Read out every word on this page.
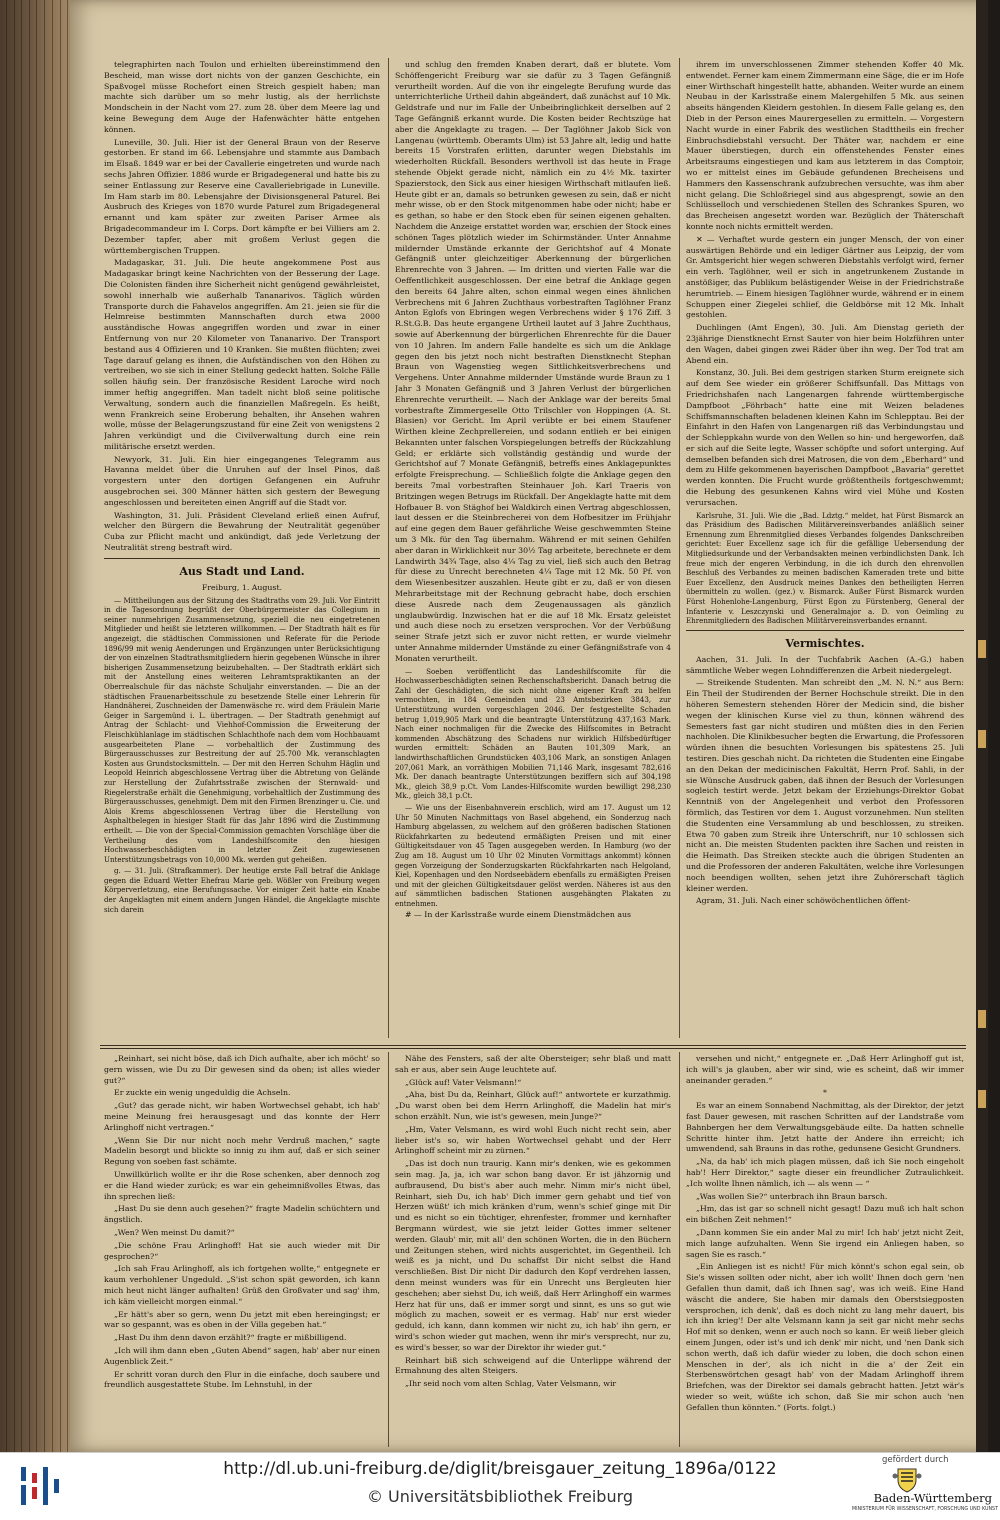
telegraphirten nach Toulon und erhielten übereinstimmend den Bescheid, man wisse dort nichts von der ganzen Geschichte, ein Spaßvogel müsse Rochefort einen Streich gespielt haben; man machte sich darüber um so mehr lustig, als der herrlichste Mondschein in der Nacht vom 27. zum 28. über dem Meere lag und keine Bewegung dem Auge der Hafenwächter hätte entgehen können.

Luneville, 30. Juli. Hier ist der General Braun von der Reserve gestorben. Er stand im 66. Lebensjahre und stammte aus Dambach im Elsaß. 1849 war er bei der Cavallerie eingetreten und wurde nach sechs Jahren Offizier. 1886 wurde er Brigadegeneral und hatte bis zu seiner Entlassung zur Reserve eine Cavalleriebrigade in Luneville. Im Ham starb im 80. Lebensjahre der Divisionsgeneral Paturel. Bei Ausbruch des Krieges von 1870 wurde Paturel zum Brigadegeneral ernannt und kam später zur zweiten Pariser Armee als Brigadecommandeur im I. Corps. Dort kämpfte er bei Villiers am 2. Dezember tapfer, aber mit großem Verlust gegen die württembergischen Truppen.

Madagaskar, 31. Juli. Die heute angekommene Post aus Madagaskar bringt keine Nachrichten von der Besserung der Lage. Die Colonisten fänden ihre Sicherheit nicht genügend gewährleistet, sowohl innerhalb wie außerhalb Tananarivos. Täglich würden Transporte durch die Fahavelos angegriffen. Am 21. jeien sie für die Helmreise bestimmten Mannschaften durch etwa 2000 ausständische Howas angegriffen worden und zwar in einer Entfernung von nur 20 Kilometer von Tananarivo. Der Transport bestand aus 4 Offizieren und 10 Kranken. Sie mußten flüchten; zwei Tage darauf gelang es ihnen, die Aufständischen von den Höhen zu vertreiben, wo sie sich in einer Stellung gedeckt hatten. Solche Fälle sollen häufig sein. Der französische Resident Laroche wird noch immer heftig angegriffen. Man tadelt nicht bloß seine politische Verwaltung, sondern auch die finanziellen Maßregeln. Es heißt, wenn Frankreich seine Eroberung behalten, ihr Ansehen wahren wolle, müsse der Belagerungszustand für eine Zeit von wenigstens 2 Jahren verkündigt und die Civilverwaltung durch eine rein militärische ersetzt werden.

Newyork, 31. Juli. Ein hier eingegangenes Telegramm aus Havanna meldet über die Unruhen auf der Insel Pinos, daß vorgestern unter den dortigen Gefangenen ein Aufruhr ausgebrochen sei. 300 Männer hätten sich gestern der Bewegung angeschlossen und bereiteten einen Angriff auf die Stadt vor.

Washington, 31. Juli. Präsident Cleveland erließ einen Aufruf, welcher den Bürgern die Bewahrung der Neutralität gegenüber Cuba zur Pflicht macht und ankündigt, daß jede Verletzung der Neutralität streng bestraft wird.

Aus Stadt und Land.
Freiburg, 1. August.

— Mittheilungen aus der Sitzung des Stadtraths vom 29. Juli. Vor Eintritt in die Tagesordnung begrüßt der Oberbürgermeister das Collegium in seiner nunmehrigen Zusammensetzung, speziell die neu eingetretenen Mitglieder und heißt sie letzteren willkommen. — Der Stadtrath hält es für angezeigt, die städtischen Commissionen und Referate für die Periode 1896/99 mit wenig Aenderungen und Ergänzungen unter Berücksichtigung der von einzelnen Stadtrathsmitgliedern hierin gegebenen Wünsche in ihrer bisherigen Zusammensetzung beizubehalten. — Der Stadtrath erklärt sich mit der Anstellung eines weiteren Lehramtspraktikanten an der Oberrealschule für das nächste Schuljahr einverstanden. — Die an der städtischen Frauenarbeitsschule zu besetzende Stelle einer Lehrerin für Handnäherei, Zuschneiden der Damenwäsche rc. wird dem Fräulein Marie Geiger in Sargemünd i. L. übertragen. — Der Stadtrath genehmigt auf Antrag der Schlacht- und Viehhof-Commission die Erweiterung der Fleischkühlanlage im städtischen Schlachthofe nach dem vom Hochbauamt ausgearbeiteten Plane — vorbehaltlich der Zustimmung des Bürgerausschusses zur Bestreitung der auf 25.700 Mk. veranschlagten Kosten aus Grundstocksmitteln. — Der mit den Herren Schuhm Häglin und Leopold Heinrich abgeschlossene Vertrag über die Abtretung von Gelände zur Herstellung der Zufahrtsstraße zwischen der Sternwald- und Riegelerstraße erhält die Genehmigung, vorbehaltlich der Zustimmung des Bürgerausschusses, genehmigt. Dem mit den Firmen Brenzinger u. Cie. und Alois Krems abgeschlossenen Vertrag über die Herstellung von Asphaltbelegen in hiesiger Stadt für das Jahr 1896 wird die Zustimmung ertheilt. — Die von der Special-Commission gemachten Vorschläge über die Vertheilung des vom Landeshilfscomite den hiesigen Hochwasserbeschädigten in letzter Zeit zugewiesenen Unterstützungsbetrags von 10,000 Mk. werden gut geheißen.

g. — 31. Juli. (Strafkammer). Der heutige erste Fall betraf die Anklage gegen die Eduard Wetter Ehefrau Marie geb. Wößler von Freiburg wegen Körperverletzung, eine Berufungssache. Vor einiger Zeit hatte ein Knabe der Angeklagten mit einem andern Jungen Händel, die Angeklagte mischte sich darein

und schlug den fremden Knaben derart, daß er blutete. Vom Schöffengericht Freiburg war sie dafür zu 3 Tagen Gefängniß verurtheilt worden. Auf die von ihr eingelegte Berufung wurde das unterrichterliche Urtheil dahin abgeändert, daß zunächst auf 10 Mk. Geldstrafe und nur im Falle der Unbeibringlichkeit derselben auf 2 Tage Gefängniß erkannt wurde. Die Kosten beider Rechtszüge hat aber die Angeklagte zu tragen. — Der Taglöhner Jakob Sick von Langenau (württemb. Oberamts Ulm) ist 53 Jahre alt, ledig und hatte bereits 15 Vorstrafen erlitten, darunter wegen Diebstahls im wiederholten Rückfall. Besonders werthvoll ist das heute in Frage stehende Objekt gerade nicht, nämlich ein zu 4½ Mk. taxirter Spazierstock, den Sick aus einer hiesigen Wirthschaft mitlaufen ließ. Heute gibt er an, damals so betrunken gewesen zu sein, daß er nicht mehr wisse, ob er den Stock mitgenommen habe oder nicht; habe er es gethan, so habe er den Stock eben für seinen eigenen gehalten. Nachdem die Anzeige erstattet worden war, erschien der Stock eines schönen Tages plötzlich wieder im Schirmständer. Unter Annahme mildernder Umstände erkannte der Gerichtshof auf 4 Monate Gefängniß unter gleichzeitiger Aberkennung der bürgerlichen Ehrenrechte von 3 Jahren. — Im dritten und vierten Falle war die Oeffentlichkeit ausgeschlossen. Der eine betraf die Anklage gegen den bereits 64 Jahre alten, schon einmal wegen eines ähnlichen Verbrechens mit 6 Jahren Zuchthaus vorbestraften Taglöhner Franz Anton Eglofs von Ebringen wegen Verbrechens wider § 176 Ziff. 3 R.St.G.B. Das heute ergangene Urtheil lautet auf 3 Jahre Zuchthaus, sowie auf Aberkennung der bürgerlichen Ehrenrechte für die Dauer von 10 Jahren. Im andern Falle handelte es sich um die Anklage gegen den bis jetzt noch nicht bestraften Dienstknecht Stephan Braun von Wagenstieg wegen Sittlichkeitsverbrechens und Vergehens. Unter Annahme mildernder Umstände wurde Braun zu 1 Jahr 3 Monaten Gefängniß und 3 Jahren Verlust der bürgerlichen Ehrenrechte verurtheilt. — Nach der Anklage war der bereits 5mal vorbestrafte Zimmergeselle Otto Trilschler von Hoppingen (A. St. Blasien) vor Gericht. Im April verübte er bei einem Staufener Wirthen kleine Zechprellereien, und sodann entlieh er bei einigen Bekannten unter falschen Vorspiegelungen betreffs der Rückzahlung Geld; er erklärte sich vollständig geständig und wurde der Gerichtshof auf 7 Monate Gefängniß, betreffs eines Anklagepunktes erfolgte Freisprechung. — Schließlich folgte die Anklage gegen den bereits 7mal vorbestraften Steinhauer Joh. Karl Traeris von Britzingen wegen Betrugs im Rückfall. Der Angeklagte hatte mit dem Hofbauer B. von Stäghof bei Waldkirch einen Vertrag abgeschlossen, laut dessen er die Steinbrecherei von dem Hofbesitzer im Frühjahr auf eine gegen dem Bauer gefährliche Weise geschwemmten Steine um 3 Mk. für den Tag übernahm. Während er mit seinen Gehilfen aber daran in Wirklichkeit nur 30½ Tag arbeitete, berechnete er dem Landwirth 34¾ Tage, also 4¼ Tag zu viel, ließ sich auch den Betrag für diese zu Unrecht berechneten 4¼ Tage mit 12 Mk. 50 Pf. von dem Wiesenbesitzer auszahlen. Heute gibt er zu, daß er von diesen Mehrarbeitstage mit der Rechnung gebracht habe, doch erschien diese Ausrede nach dem Zeugenaussagen als gänzlich unglaubwürdig. Inzwischen hat er die auf 18 Mk. Ersatz geleistet und auch diese noch zu ersetzen versprochen. Vor der Verbüßung seiner Strafe jetzt sich er zuvor nicht retten, er wurde vielmehr unter Annahme mildernder Umstände zu einer Gefängnißstrafe von 4 Monaten verurtheilt.

— Soeben veröffentlicht das Landeshilfscomite für die Hochwasserbeschädigten seinen Rechenschaftsbericht. Danach betrug die Zahl der Geschädigten, die sich nicht ohne eigener Kraft zu helfen vermochten, in 184 Gemeinden und 23 Amtsbezirken 3843, zur Unterstützung wurden vorgeschlagen 2046. Der festgestellte Schaden betrug 1,019,905 Mark und die beantragte Unterstützung 437,163 Mark. Nach einer nochmaligen für die Zwecke des Hilfscomites in Betracht kommenden Abschätzung des Schadens nur wirklich Hilfsbedürftiger wurden ermittelt: Schäden an Bauten 101,309 Mark, an landwirthschaftlichen Grundstücken 403,106 Mark, an sonstigen Anlagen 207,061 Mark, an vorräthigen Mobilien 71,146 Mark, insgesamt 782,616 Mk. Der danach beantragte Unterstützungen beziffern sich auf 304,198 Mk., gleich 38,9 p.Ct. Vom Landes-Hilfscomite wurden bewilligt 298,230 Mk., gleich 38,1 p.Ct.

— Wie uns der Eisenbahnverein erschlich, wird am 17. August um 12 Uhr 50 Minuten Nachmittags von Basel abgehend, ein Sonderzug nach Hamburg abgelassen, zu welchem auf den größeren badischen Stationen Rückfahrkarten zu bedeutend ermäßigten Preisen und mit einer Gültigkeitsdauer von 45 Tagen ausgegeben werden. In Hamburg (wo der Zug am 18. August um 10 Uhr 02 Minuten Vormittags ankommt) können gegen Vorzeigung der Sonderzugskarten Rückfahrkarten nach Helgoland, Kiel, Kopenhagen und den Nordseebädern ebenfalls zu ermäßigten Preisen und mit der gleichen Gültigkeitsdauer gelöst werden. Näheres ist aus den auf sämmtlichen badischen Stationen ausgehängten Plakaten zu entnehmen.

# — In der Karlsstraße wurde einem Dienstmädchen aus

ihrem im unverschlossenen Zimmer stehenden Koffer 40 Mk. entwendet. Ferner kam einem Zimmermann eine Säge, die er im Hofe einer Wirthschaft hingestellt hatte, abhanden. Weiter wurde an einem Neubau in der Karlsstraße einem Malergehilfen 5 Mk. aus seinen abseits hängenden Kleidern gestohlen. In diesem Falle gelang es, den Dieb in der Person eines Maurergesellen zu ermitteln. — Vorgestern Nacht wurde in einer Fabrik des westlichen Stadttheils ein frecher Einbruchsdiebstahl versucht. Der Thäter war, nachdem er eine Mauer überstiegen, durch ein offenstehendes Fenster eines Arbeitsraums eingestiegen und kam aus letzterem in das Comptoir, wo er mittelst eines im Gebäude gefundenen Brecheisens und Hammers den Kassenschrank aufzubrechen versuchte, was ihm aber nicht gelang. Die Schloßriegel sind aus abgesprengt, sowie an den Schlüsselloch und verschiedenen Stellen des Schrankes Spuren, wo das Brecheisen angesetzt worden war. Bezüglich der Thäterschaft konnte noch nichts ermittelt werden.

✕ — Verhaftet wurde gestern ein junger Mensch, der von einer auswärtigen Behörde und ein lediger Gärtner aus Leipzig, der vom Gr. Amtsgericht hier wegen schweren Diebstahls verfolgt wird, ferner ein verh. Taglöhner, weil er sich in angetrunkenem Zustande in anstößiger, das Publikum belästigender Weise in der Friedrichstraße herumtrieb. — Einem hiesigen Taglöhner wurde, während er in einem Schuppen einer Ziegelei schlief, die Geldbörse mit 12 Mk. Inhalt gestohlen.

Duchlingen (Amt Engen), 30. Juli. Am Dienstag gerieth der 23jährige Dienstknecht Ernst Sauter von hier beim Holzführen unter den Wagen, dabei gingen zwei Räder über ihn weg. Der Tod trat am Abend ein.

Konstanz, 30. Juli. Bei dem gestrigen starken Sturm ereignete sich auf dem See wieder ein größerer Schiffsunfall. Das Mittags von Friedrichshafen nach Langenargen fahrende württembergische Dampfboot „Föhrbach“ hatte eine mit Weizen beladenes Schiffsmannschaften beladenen kleinen Kahn im Schlepptau. Bei der Einfahrt in den Hafen von Langenargen riß das Verbindungstau und der Schleppkahn wurde von den Wellen so hin- und hergeworfen, daß er sich auf die Seite legte, Wasser schöpfte und sofort unterging. Auf demselben befanden sich drei Matrosen, die von dem „Eberhard“ und dem zu Hilfe gekommenen bayerischen Dampfboot „Bavaria“ gerettet werden konnten. Die Frucht wurde größtentheils fortgeschwemmt; die Hebung des gesunkenen Kahns wird viel Mühe und Kosten verursachen.

Karlsruhe, 31. Juli. Wie die „Bad. Ldztg.“ meldet, hat Fürst Bismarck an das Präsidium des Badischen Militärvereinsverbandes anläßlich seiner Ernennung zum Ehrenmitglied dieses Verbandes folgendes Dankschreiben gerichtet: Euer Excellenz sage ich für die gefällige Uebersendung der Mitgliedsurkunde und der Verbandsakten meinen verbindlichsten Dank. Ich freue mich der engeren Verbindung, in die ich durch den ehrenvollen Beschluß des Verbandes zu meinen badischen Kameraden trete und bitte Euer Excellenz, den Ausdruck meines Dankes den betheiligten Herren übermitteln zu wollen. (gez.) v. Bismarck. Außer Fürst Bismarck wurden Fürst Hohenlohe-Langenburg, Fürst Egon zu Fürstenberg, General der Infanterie v. Leszczynski und Generalmajor a. D. von Oeimling zu Ehrenmitgliedern des Badischen Militärvereinsverbandes ernannt.

Vermischtes.

Aachen, 31. Juli. In der Tuchfabrik Aachen (A.-G.) haben sämmtliche Weber wegen Lohndifferenzen die Arbeit niedergelegt.

— Streikende Studenten. Man schreibt den „M. N. N.“ aus Bern: Ein Theil der Studirenden der Berner Hochschule streikt. Die in den höheren Semestern stehenden Hörer der Medicin sind, die bisher wegen der klinischen Kurse viel zu thun, können während des Semesters fast gar nicht studiren und müßten dies in den Ferien nachholen. Die Klinikbesucher begten die Erwartung, die Professoren würden ihnen die besuchten Vorlesungen bis spätestens 25. Juli testiren. Dies geschah nicht. Da richteten die Studenten eine Eingabe an den Dekan der medicinischen Fakultät, Herrn Prof. Sahli, in der sie Wünsche Ausdruck gaben, daß ihnen der Besuch der Vorlesungen sogleich testirt werde. Jetzt bekam der Erziehungs-Direktor Gobat Kenntniß von der Angelegenheit und verbot den Professoren förmlich, das Testiren vor dem 1. August vorzunehmen. Nun stellten die Studenten eine Versammlung ab und beschlossen, zu streiken. Etwa 70 gaben zum Streik ihre Unterschrift, nur 10 schlossen sich nicht an. Die meisten Studenten packten ihre Sachen und reisten in die Heimath. Das Streiken steckte auch die übrigen Studenten an und die Professoren der anderen Fakultäten, welche ihre Vorlesungen noch beendigen wollten, sehen jetzt ihre Zuhörerschaft täglich kleiner werden.

Agram, 31. Juli. Nach einer schöwöchentlichen öffent-

„Reinhart, sei nicht böse, daß ich Dich aufhalte, aber ich möcht' so gern wissen, wie Du zu Dir gewesen sind da oben; ist alles wieder gut?“

Er zuckte ein wenig ungeduldig die Achseln.

„Gut? das gerade nicht, wir haben Wortwechsel gehabt, ich hab' meine Meinung frei herausgesagt und das konnte der Herr Arlinghoff nicht vertragen.“

„Wenn Sie Dir nur nicht noch mehr Verdruß machen,“ sagte Madelin besorgt und blickte so innig zu ihm auf, daß er sich seiner Regung von soeben fast schämte.

Unwillkürlich wollte er ihr die Rose schenken, aber dennoch zog er die Hand wieder zurück; es war ein geheimnißvolles Etwas, das ihn sprechen ließ:

„Hast Du sie denn auch gesehen?“ fragte Madelin schüchtern und ängstlich.

„Wen? Wen meinst Du damit?“

„Die schöne Frau Arlinghoff! Hat sie auch wieder mit Dir gesprochen?“

„Ich sah Frau Arlinghoff, als ich fortgehen wollte,“ entgegnete er kaum verhohlener Ungeduld. „S'ist schon spät geworden, ich kann mich heut nicht länger aufhalten! Grüß den Großvater und sag' ihm, ich käm vielleicht morgen einmal.“

„Er hätt's aber so gern, wenn Du jetzt mit eben hereingingst; er war so gespannt, was es oben in der Villa gegeben hat.“

„Hast Du ihm denn davon erzählt?“ fragte er mißbilligend.

„Ich will ihm dann eben „Guten Abend“ sagen, hab' aber nur einen Augenblick Zeit.“

Er schritt voran durch den Flur in die einfache, doch saubere und freundlich ausgestattete Stube. Im Lehnstuhl, in der

Nähe des Fensters, saß der alte Obersteiger; sehr blaß und matt sah er aus, aber sein Auge leuchtete auf.

„Glück auf! Vater Velsmann!“

„Aha, bist Du da, Reinhart, Glück auf!“ antwortete er kurzathmig. „Du warst oben bei dem Herrn Arlinghoff, die Madelin hat mir's schon erzählt. Nun, wie ist's gewesen, mein Junge?“

„Hm, Vater Velsmann, es wird wohl Euch nicht recht sein, aber lieber ist's so, wir haben Wortwechsel gehabt und der Herr Arlinghoff scheint mir zu zürnen.“

„Das ist doch nun traurig. Kann mir's denken, wie es gekommen sein mag. Ja, ja, ich war schon bang davor. Er ist jähzornig und aufbrausend, Du bist's aber auch mehr. Nimm mir's nicht übel, Reinhart, sieh Du, ich hab' Dich immer gern gehabt und tief von Herzen wüßt' ich mich kränken d'rum, wenn's schief ginge mit Dir und es nicht so ein tüchtiger, ehrenfester, frommer und kernhafter Bergmann würdest, wie sie jetzt leider Gottes immer seltener werden. Glaub' mir, mit all' den schönen Worten, die in den Büchern und Zeitungen stehen, wird nichts ausgerichtet, im Gegentheil. Ich weiß es ja nicht, und Du schaffst Dir nicht selbst die Hand verschließen. Bist Dir nicht Dir dadurch den Kopf verdrehen lassen, denn meinst wunders was für ein Unrecht uns Bergleuten hier geschehen; aber siehst Du, ich weiß, daß Herr Arlinghoff ein warmes Herz hat für uns, daß er immer sorgt und sinnt, es uns so gut wie möglich zu machen, soweit er es vermag. Hab' nur erst wieder geduld, ich kann, dann kommen wir nicht zu, ich hab' ihn gern, er wird's schon wieder gut machen, wenn ihr mir's versprecht, nur zu, es wird's besser, so war der Direktor ihr wieder gut.“

Reinhart biß sich schweigend auf die Unterlippe während der Ermahnung des alten Steigers.

„Ihr seid noch vom alten Schlag, Vater Velsmann, wir

versehen und nicht,“ entgegnete er. „Daß Herr Arlinghoff gut ist, ich will's ja glauben, aber wir sind, wie es scheint, daß wir immer aneinander geraden.“

*

Es war an einem Sonnabend Nachmittag, als der Direktor, der jetzt fast Dauer gewesen, mit raschen Schritten auf der Landstraße vom Bahnbergen her dem Verwaltungsgebäude eilte. Da hatten schnelle Schritte hinter ihm. Jetzt hatte der Andere ihn erreicht; ich umwendend, sah Brauns in das rothe, gedunsene Gesicht Grundners.

„Na, da hab' ich mich plagen müssen, daß ich Sie noch eingeholt hab'! Herr Direktor,“ sagte dieser ein freundlicher Zutraulichkeit. „Ich wollte Ihnen nämlich, ich — als wenn — “

„Was wollen Sie?“ unterbrach ihn Braun barsch.

„Hm, das ist gar so schnell nicht gesagt! Dazu muß ich halt schon ein bißchen Zeit nehmen!“

„Dann kommen Sie ein ander Mal zu mir! Ich hab' jetzt nicht Zeit, mich lange aufzuhalten. Wenn Sie irgend ein Anliegen haben, so sagen Sie es rasch.“

„Ein Anliegen ist es nicht! Für mich könnt's schon egal sein, ob Sie's wissen sollten oder nicht, aber ich wollt' Ihnen doch gern 'nen Gefallen thun damit, daß ich Ihnen sag', was ich weiß. Eine Hand wäscht die andere, Sie haben mir damals den Oberstsiegposten versprochen, ich denk', daß es doch nicht zu lang mehr dauert, bis ich ihn krieg'! Der alte Velsmann kann ja seit gar nicht mehr sechs Hof mit so denken, wenn er auch noch so kann. Er weiß lieber gleich einem Jungen, oder ist's und ich denk' mir nicht, und 'nen Dank sich schon werth, daß ich dafür wieder zu loben, die doch schon einen Menschen in der', als ich nicht in die a' der Zeit ein Sterbenswörtchen gesagt hab' von der Madam Arlinghoff ihrem Briefchen, was der Direktor sei damals gebracht hatten. Jetzt wär's wieder so weit, wüßte ich schon, daß Sie mir schon auch 'nen Gefallen thun könnten.“ (Forts. folgt.)

http://dl.ub.uni-freiburg.de/diglit/breisgauer_zeitung_1896a/0122
© Universitätsbibliothek Freiburg
gefördert durch
Baden-Württemberg
MINISTERIUM FÜR WISSENSCHAFT, FORSCHUNG UND KUNST
